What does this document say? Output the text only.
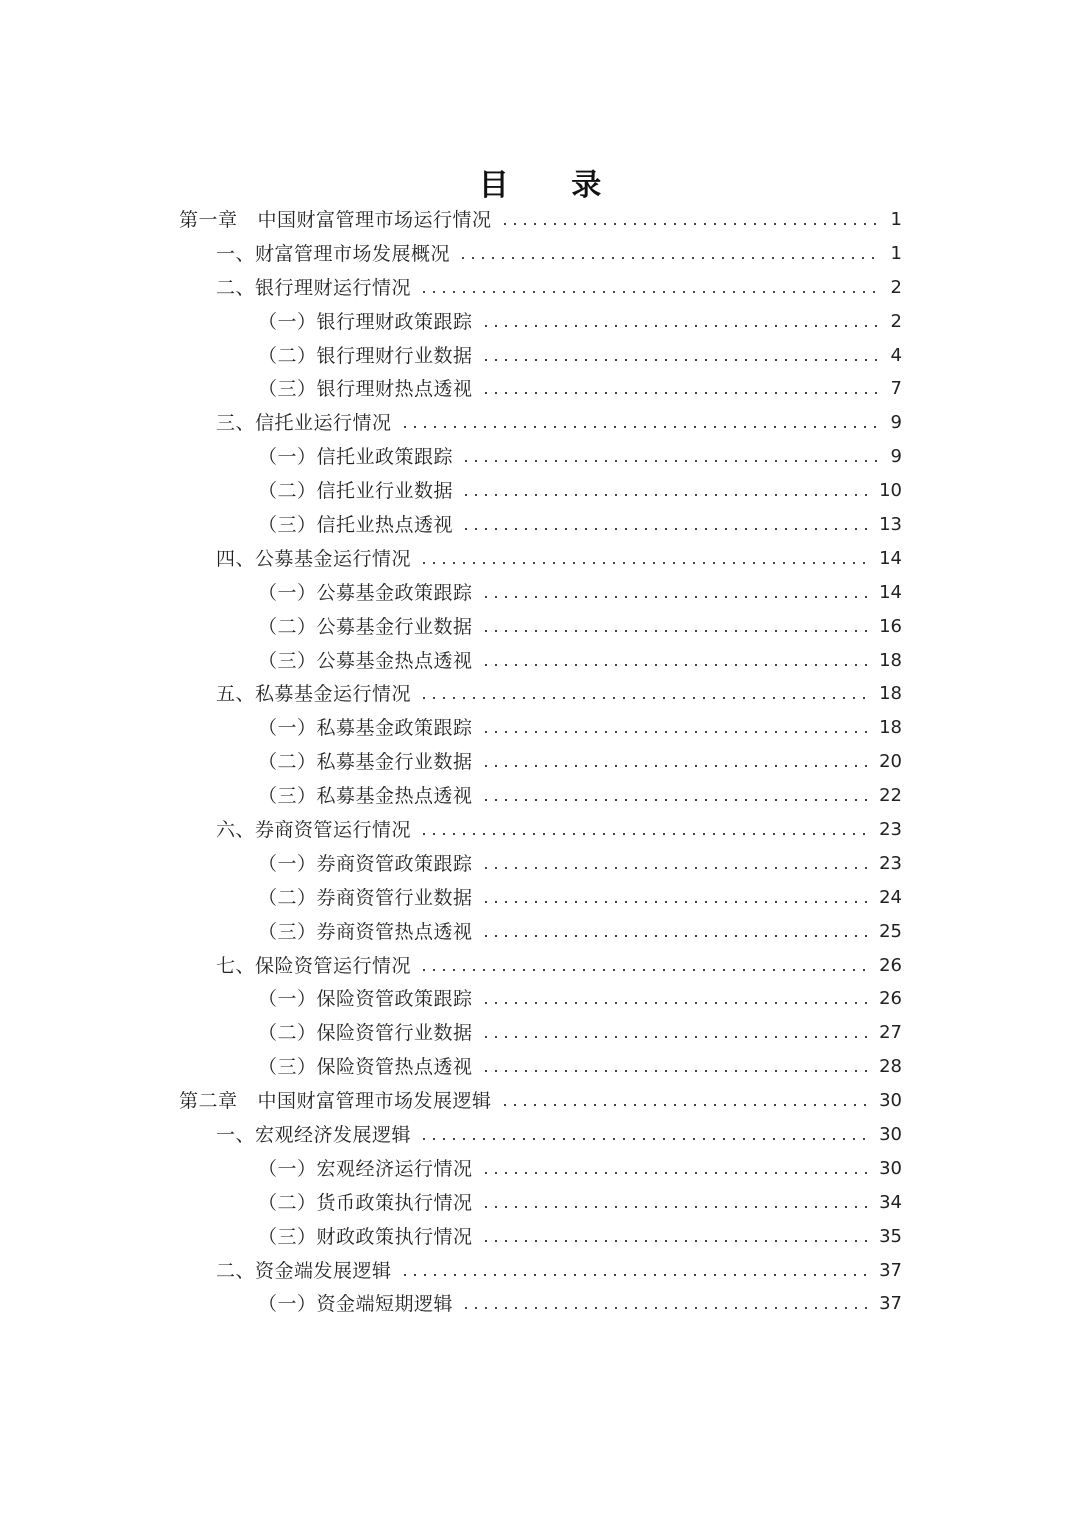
目 录
第一章 中国财富管理市场运行情况	1
一、财富管理市场发展概况	1
二、银行理财运行情况	2
（一）银行理财政策跟踪	2
（二）银行理财行业数据	4
（三）银行理财热点透视	7
三、信托业运行情况	9
（一）信托业政策跟踪	9
（二）信托业行业数据	10
（三）信托业热点透视	13
四、公募基金运行情况	14
（一）公募基金政策跟踪	14
（二）公募基金行业数据	16
（三）公募基金热点透视	18
五、私募基金运行情况	18
（一）私募基金政策跟踪	18
（二）私募基金行业数据	20
（三）私募基金热点透视	22
六、券商资管运行情况	23
（一）券商资管政策跟踪	23
（二）券商资管行业数据	24
（三）券商资管热点透视	25
七、保险资管运行情况	26
（一）保险资管政策跟踪	26
（二）保险资管行业数据	27
（三）保险资管热点透视	28
第二章 中国财富管理市场发展逻辑	30
一、宏观经济发展逻辑	30
（一）宏观经济运行情况	30
（二）货币政策执行情况	34
（三）财政政策执行情况	35
二、资金端发展逻辑	37
（一）资金端短期逻辑	37
